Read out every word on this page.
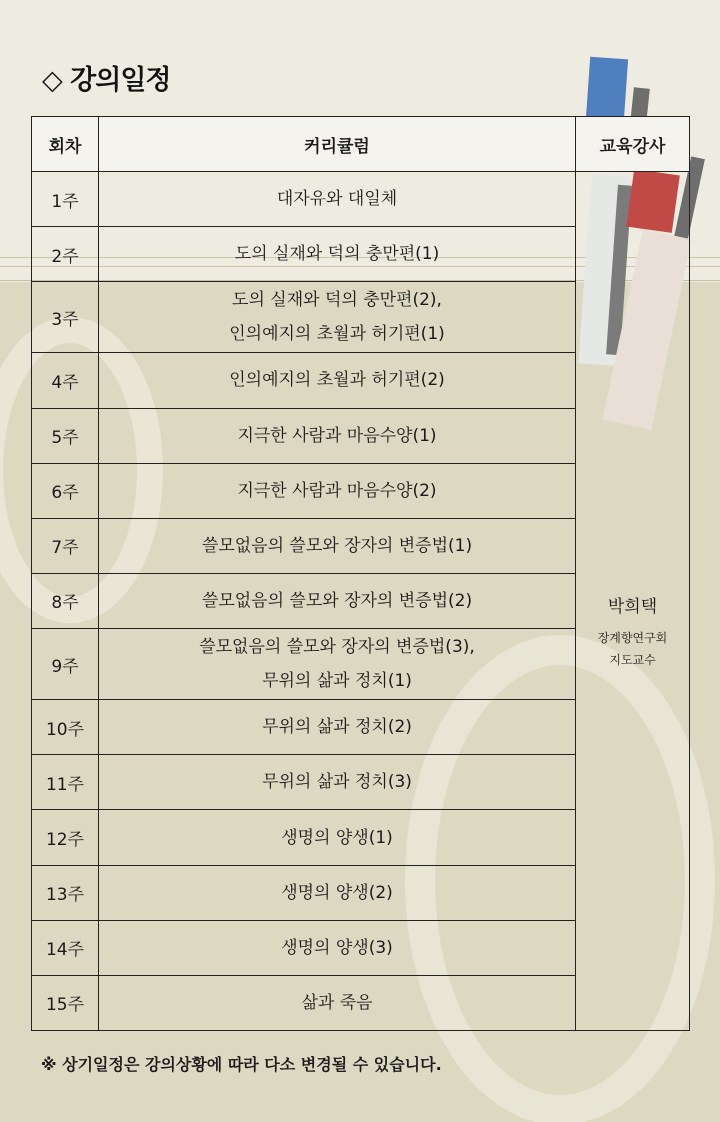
◇ 강의일정
회차	커리큘럼	교육강사
1주	대자유와 대일체	박희택
장계향연구회
지도교수

2주	도의 실재와 덕의 충만편(1)	

3주	도의 실재와 덕의 충만편(2),
인의예지의 초월과 허기편(1)	

4주	인의예지의 초월과 허기편(2)	

5주	지극한 사람과 마음수양(1)	

6주	지극한 사람과 마음수양(2)	

7주	쓸모없음의 쓸모와 장자의 변증법(1)	

8주	쓸모없음의 쓸모와 장자의 변증법(2)	

9주	쓸모없음의 쓸모와 장자의 변증법(3),
무위의 삶과 정치(1)	

10주	무위의 삶과 정치(2)	

11주	무위의 삶과 정치(3)	

12주	생명의 양생(1)	

13주	생명의 양생(2)	

14주	생명의 양생(3)	

15주	삶과 죽음	

※ 상기일정은 강의상황에 따라 다소 변경될 수 있습니다.
